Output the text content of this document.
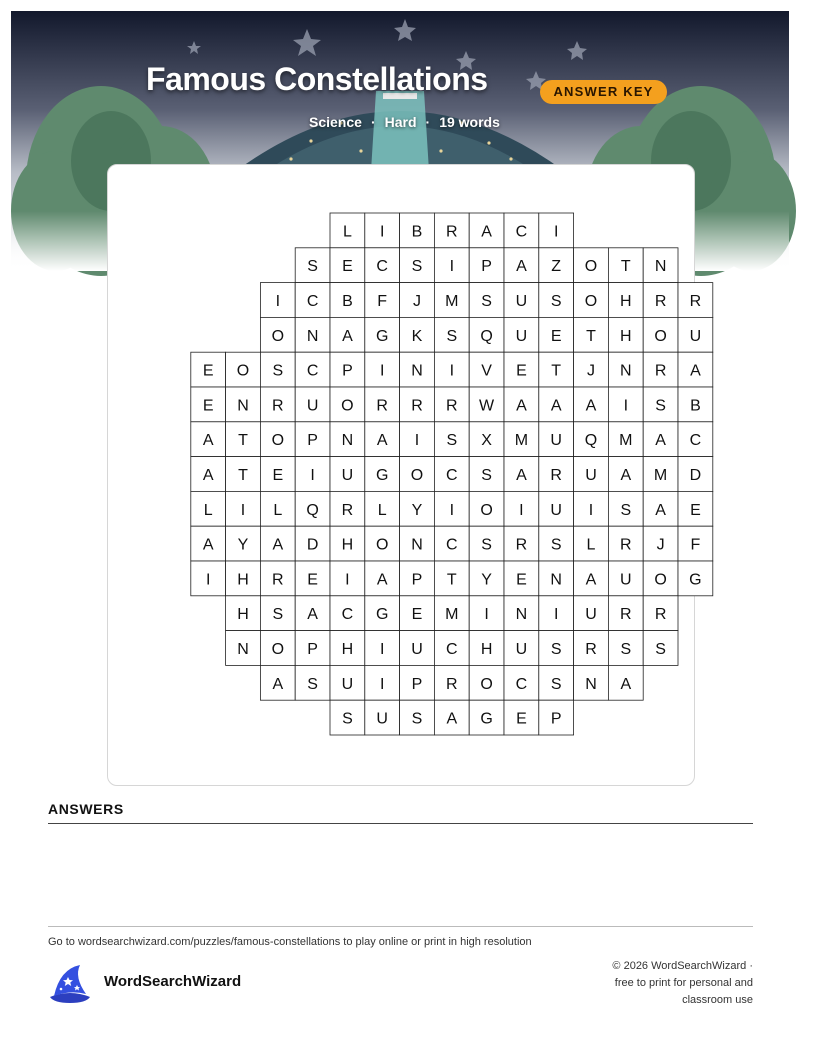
Famous Constellations	ANSWER KEY
Science · Hard · 19 words
L I B R A C I
S E C S I P A Z O T N
I C B F J M S U S O H R R
O N A G K S Q U E T H O U
E O S C P I N I V E T J N R A
E N R U O R R R W A A A I S B
A T O P N A I S X M U Q M A C
A T E I U G O C S A R U A M D
L I L Q R L Y I O I U I S A E
A Y A D H O N C S R S L R J F
I H R E I A P T Y E N A U O G
H S A C G E M I N I U R R
N O P H I U C H U S R S S
A S U I P R O C S N A
S U S A G E P
ANSWERS
Go to wordsearchwizard.com/puzzles/famous-constellations to play online or print in high resolution
WordSearchWizard
© 2026 WordSearchWizard ·
free to print for personal and
classroom use
